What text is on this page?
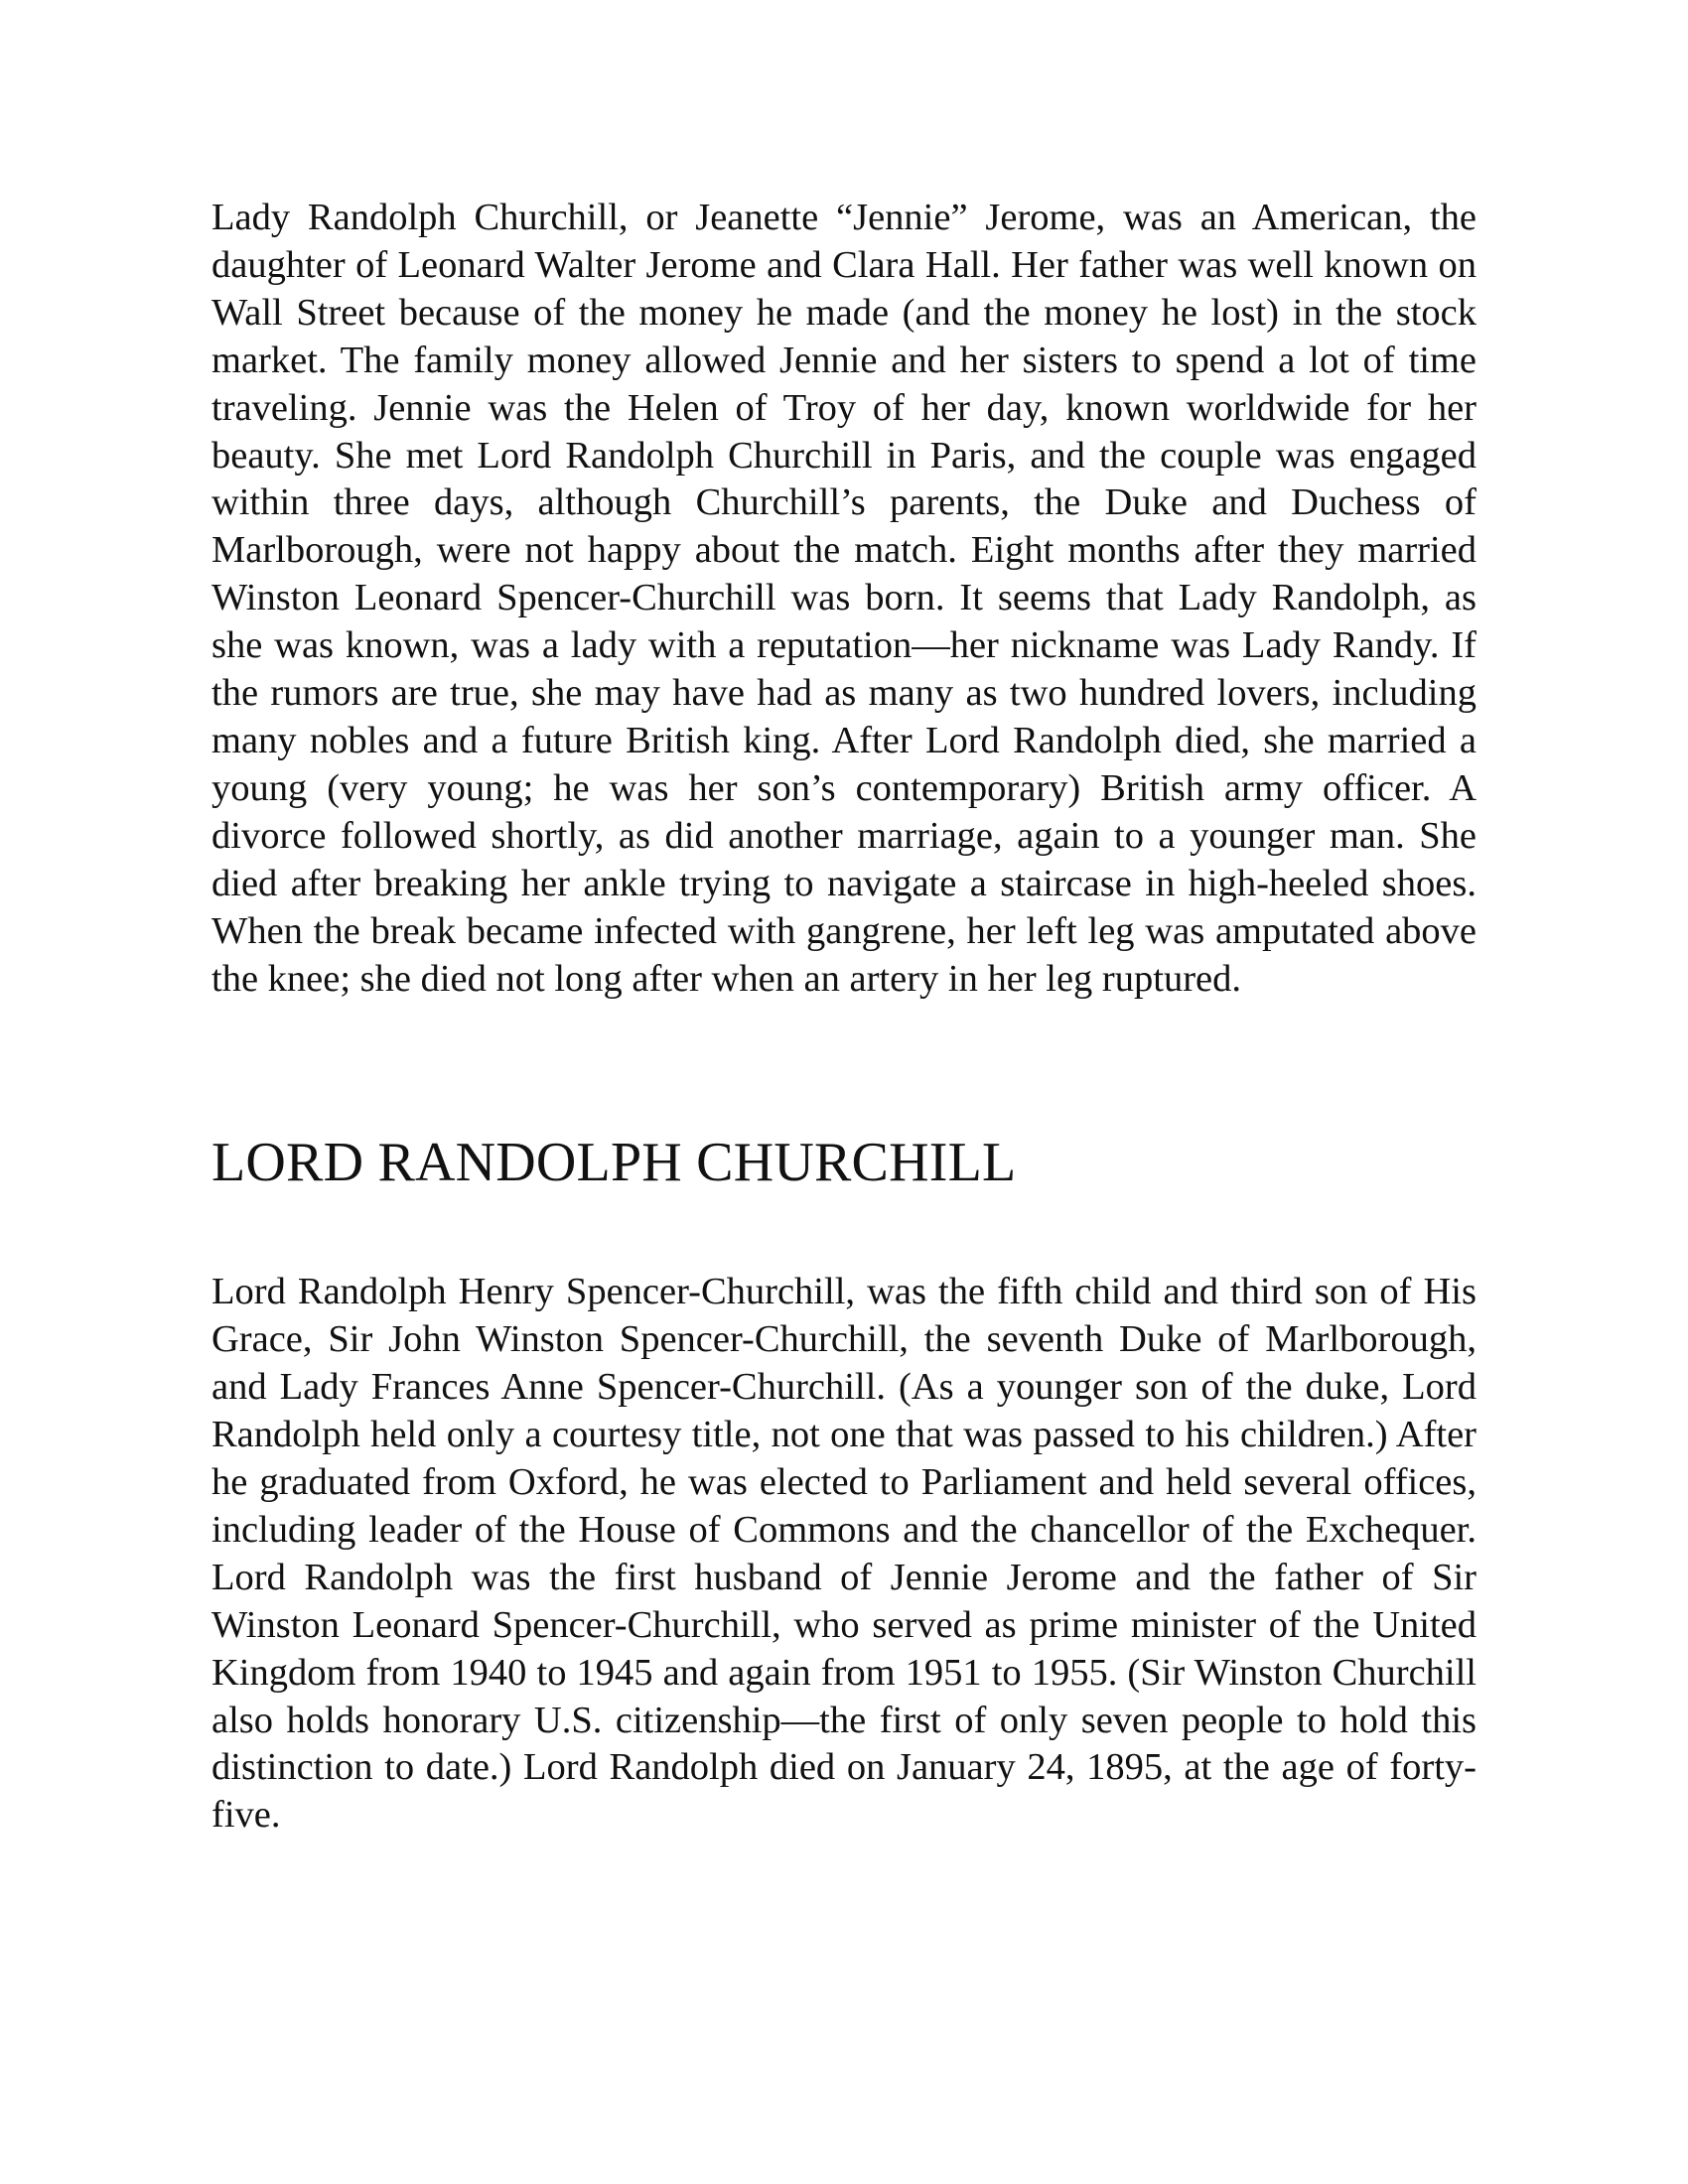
Lady Randolph Churchill, or Jeanette “Jennie” Jerome, was an American, the daughter of Leonard Walter Jerome and Clara Hall. Her father was well known on Wall Street because of the money he made (and the money he lost) in the stock market. The family money allowed Jennie and her sisters to spend a lot of time traveling. Jennie was the Helen of Troy of her day, known worldwide for her beauty. She met Lord Randolph Churchill in Paris, and the couple was engaged within three days, although Churchill’s parents, the Duke and Duchess of Marlborough, were not happy about the match. Eight months after they married Winston Leonard Spencer-Churchill was born. It seems that Lady Randolph, as she was known, was a lady with a reputation—her nickname was Lady Randy. If the rumors are true, she may have had as many as two hundred lovers, including many nobles and a future British king. After Lord Randolph died, she married a young (very young; he was her son’s contemporary) British army officer. A divorce followed shortly, as did another marriage, again to a younger man. She died after breaking her ankle trying to navigate a staircase in high-heeled shoes. When the break became infected with gangrene, her left leg was amputated above the knee; she died not long after when an artery in her leg ruptured.

LORD RANDOLPH CHURCHILL

Lord Randolph Henry Spencer-Churchill, was the fifth child and third son of His Grace, Sir John Winston Spencer-Churchill, the seventh Duke of Marlborough, and Lady Frances Anne Spencer-Churchill. (As a younger son of the duke, Lord Randolph held only a courtesy title, not one that was passed to his children.) After he graduated from Oxford, he was elected to Parliament and held several offices, including leader of the House of Commons and the chancellor of the Exchequer. Lord Randolph was the first husband of Jennie Jerome and the father of Sir Winston Leonard Spencer-Churchill, who served as prime minister of the United Kingdom from 1940 to 1945 and again from 1951 to 1955. (Sir Winston Churchill also holds honorary U.S. citizenship—the first of only seven people to hold this distinction to date.) Lord Randolph died on January 24, 1895, at the age of forty-five.
